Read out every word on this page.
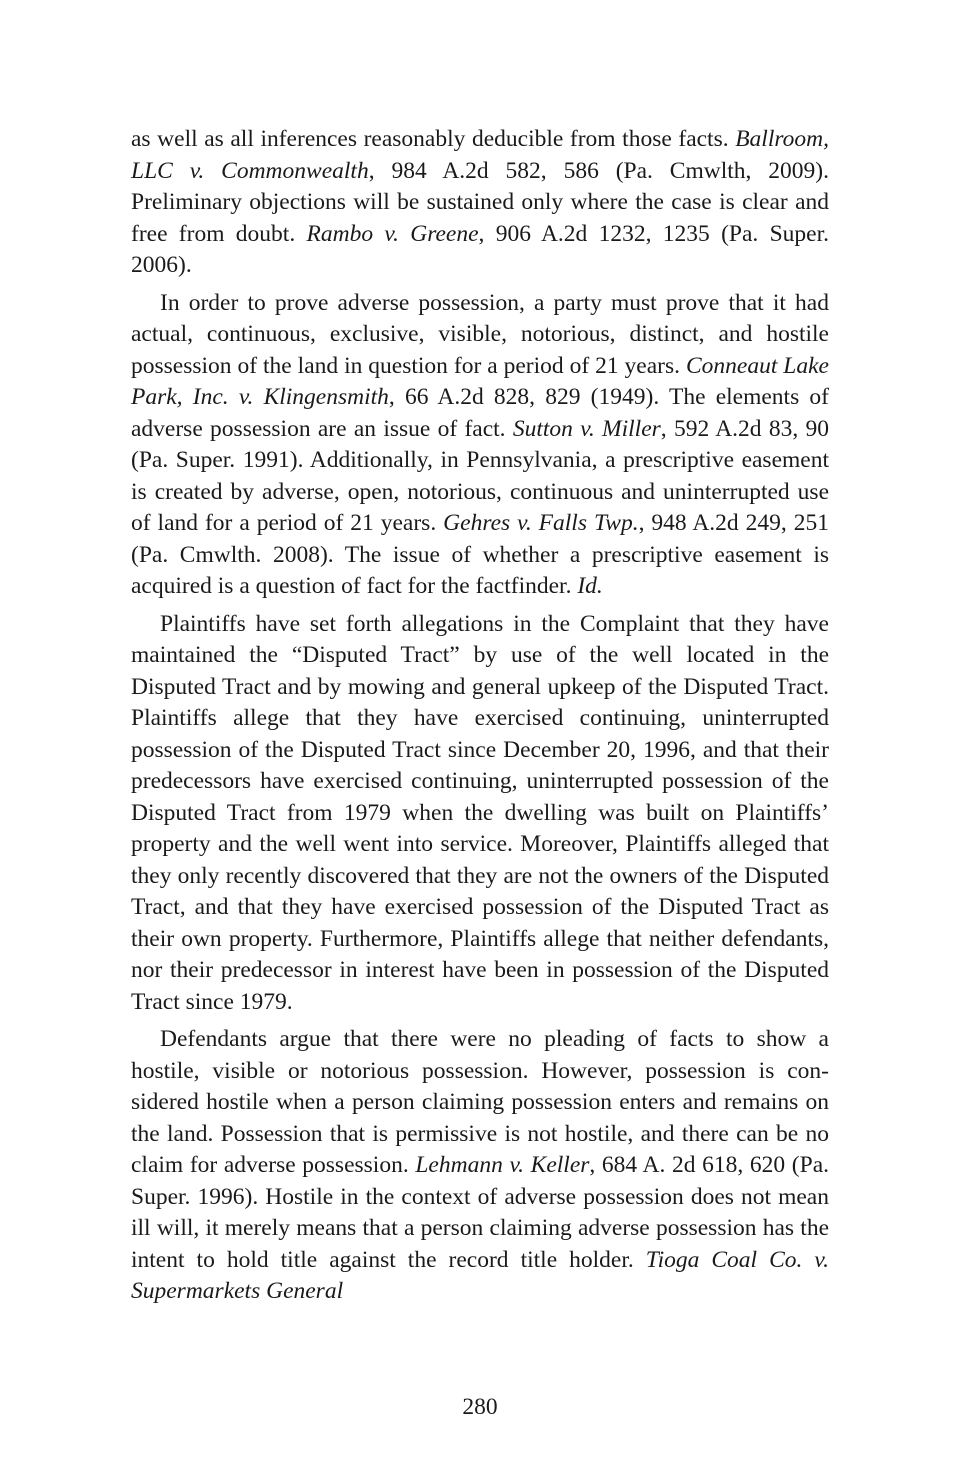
as well as all inferences reasonably deducible from those facts. Ballroom, LLC v. Commonwealth, 984 A.2d 582, 586 (Pa. Cmwlth, 2009). Preliminary objections will be sustained only where the case is clear and free from doubt. Rambo v. Greene, 906 A.2d 1232, 1235 (Pa. Super. 2006).

In order to prove adverse possession, a party must prove that it had actual, continuous, exclusive, visible, notorious, distinct, and hostile possession of the land in question for a period of 21 years. Conneaut Lake Park, Inc. v. Klingensmith, 66 A.2d 828, 829 (1949). The elements of adverse possession are an issue of fact. Sutton v. Miller, 592 A.2d 83, 90 (Pa. Super. 1991). Additionally, in Pennsylvania, a prescriptive easement is created by adverse, open, notorious, continuous and uninterrupted use of land for a period of 21 years. Gehres v. Falls Twp., 948 A.2d 249, 251 (Pa. Cmwlth. 2008). The issue of whether a prescriptive easement is acquired is a question of fact for the factfinder. Id.

Plaintiffs have set forth allegations in the Complaint that they have maintained the “Disputed Tract” by use of the well located in the Disputed Tract and by mowing and general upkeep of the Disputed Tract. Plaintiffs allege that they have exercised continuing, uninterrupted possession of the Disputed Tract since December 20, 1996, and that their predecessors have exercised continuing, uninterrupted possession of the Disputed Tract from 1979 when the dwelling was built on Plaintiffs’ property and the well went into service. Moreover, Plaintiffs alleged that they only recently discovered that they are not the owners of the Disputed Tract, and that they have exercised possession of the Disputed Tract as their own property. Furthermore, Plaintiffs allege that neither defendants, nor their predecessor in interest have been in possession of the Disputed Tract since 1979.

Defendants argue that there were no pleading of facts to show a hostile, visible or notorious possession. However, possession is considered hostile when a person claiming possession enters and remains on the land. Possession that is permissive is not hostile, and there can be no claim for adverse possession. Lehmann v. Keller, 684 A. 2d 618, 620 (Pa. Super. 1996). Hostile in the context of adverse possession does not mean ill will, it merely means that a person claiming adverse possession has the intent to hold title against the record title holder. Tioga Coal Co. v. Supermarkets General

280
